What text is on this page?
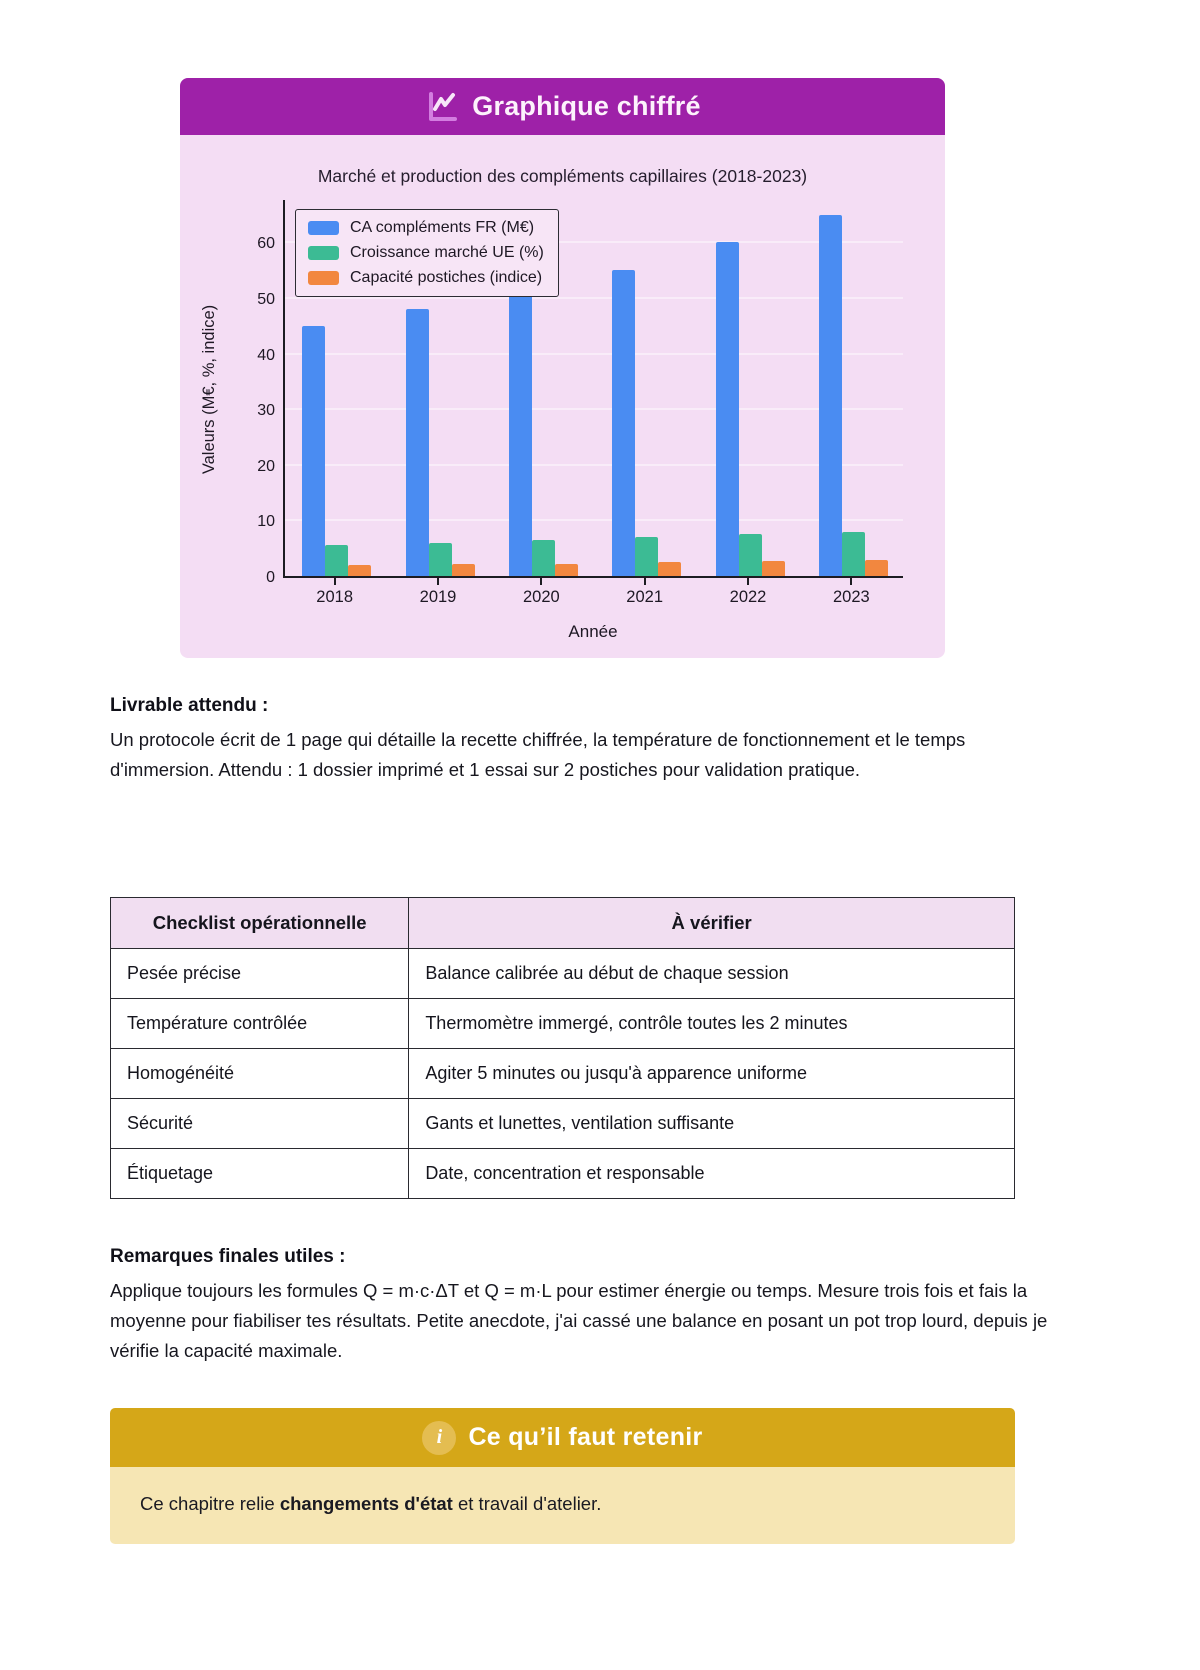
Graphique chiffré
Marché et production des compléments capillaires (2018-2023)
Valeurs (M€, %, indice)
0
10
20
30
40
50
60
CA compléments FR (M€)
Croissance marché UE (%)
Capacité postiches (indice)
2018	2019	2020	2021	2022	2023
Année
Livrable attendu :
Un protocole écrit de 1 page qui détaille la recette chiffrée, la température de fonctionnement et le temps d'immersion. Attendu : 1 dossier imprimé et 1 essai sur 2 postiches pour validation pratique.
Checklist opérationnelle	À vérifier
Pesée précise	Balance calibrée au début de chaque session
Température contrôlée	Thermomètre immergé, contrôle toutes les 2 minutes
Homogénéité	Agiter 5 minutes ou jusqu'à apparence uniforme
Sécurité	Gants et lunettes, ventilation suffisante
Étiquetage	Date, concentration et responsable
Remarques finales utiles :
Applique toujours les formules Q = m·c·ΔT et Q = m·L pour estimer énergie ou temps. Mesure trois fois et fais la moyenne pour fiabiliser tes résultats. Petite anecdote, j'ai cassé une balance en posant un pot trop lourd, depuis je vérifie la capacité maximale.
i	Ce qu’il faut retenir
Ce chapitre relie changements d'état et travail d'atelier.
